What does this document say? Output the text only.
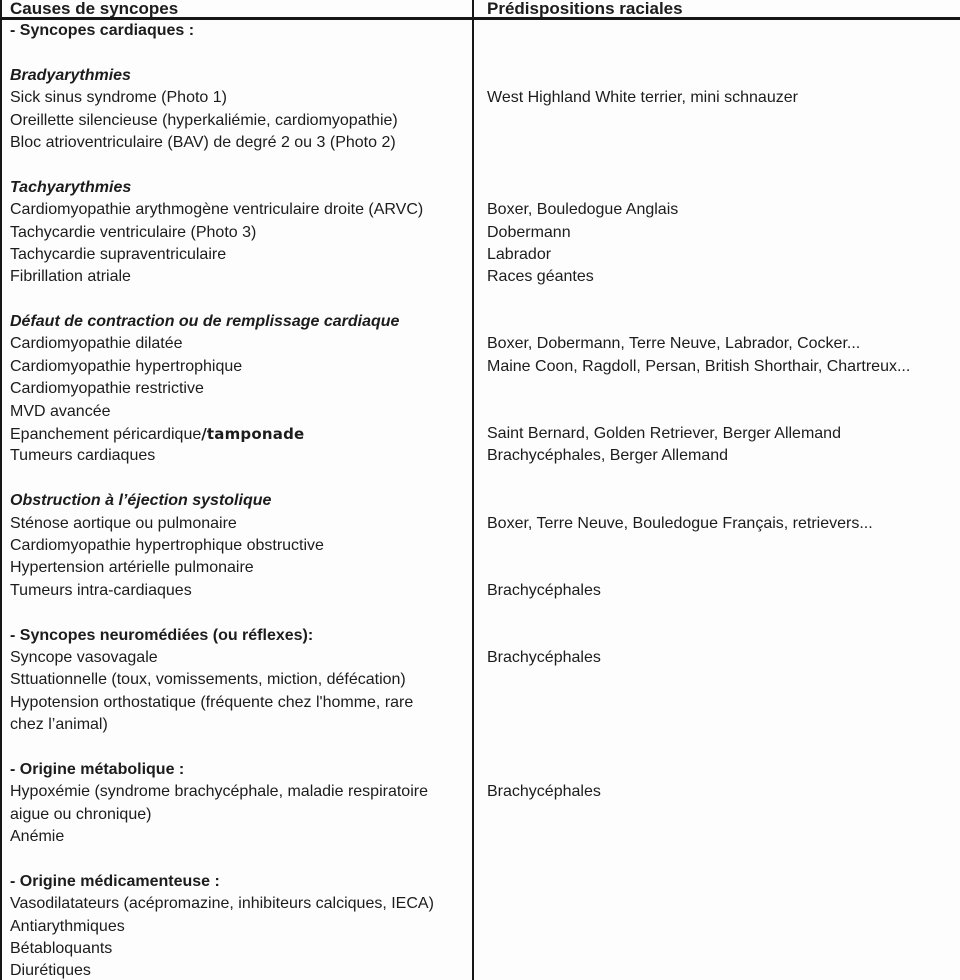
Causes de syncopes	Prédispositions raciales
- Syncopes cardiaques :
Bradyarythmies
Sick sinus syndrome (Photo 1)	West Highland White terrier, mini schnauzer
Oreillette silencieuse (hyperkaliémie, cardiomyopathie)
Bloc atrioventriculaire (BAV) de degré 2 ou 3 (Photo 2)
Tachyarythmies
Cardiomyopathie arythmogène ventriculaire droite (ARVC)	Boxer, Bouledogue Anglais
Tachycardie ventriculaire (Photo 3)	Dobermann
Tachycardie supraventriculaire	Labrador
Fibrillation atriale	Races géantes
Défaut de contraction ou de remplissage cardiaque
Cardiomyopathie dilatée	Boxer, Dobermann, Terre Neuve, Labrador, Cocker...
Cardiomyopathie hypertrophique	Maine Coon, Ragdoll, Persan, British Shorthair, Chartreux...
Cardiomyopathie restrictive
MVD avancée
Epanchement péricardique/tamponade	Saint Bernard, Golden Retriever, Berger Allemand
Tumeurs cardiaques	Brachycéphales, Berger Allemand
Obstruction à l’éjection systolique
Sténose aortique ou pulmonaire	Boxer, Terre Neuve, Bouledogue Français, retrievers...
Cardiomyopathie hypertrophique obstructive
Hypertension artérielle pulmonaire
Tumeurs intra-cardiaques	Brachycéphales
- Syncopes neuromédiées (ou réflexes):
Syncope vasovagale	Brachycéphales
Sttuationnelle (toux, vomissements, miction, défécation)
Hypotension orthostatique (fréquente chez l'homme, rare
chez l’animal)
- Origine métabolique :
Hypoxémie (syndrome brachycéphale, maladie respiratoire	Brachycéphales
aigue ou chronique)
Anémie
- Origine médicamenteuse :
Vasodilatateurs (acépromazine, inhibiteurs calciques, IECA)
Antiarythmiques
Bétabloquants
Diurétiques
